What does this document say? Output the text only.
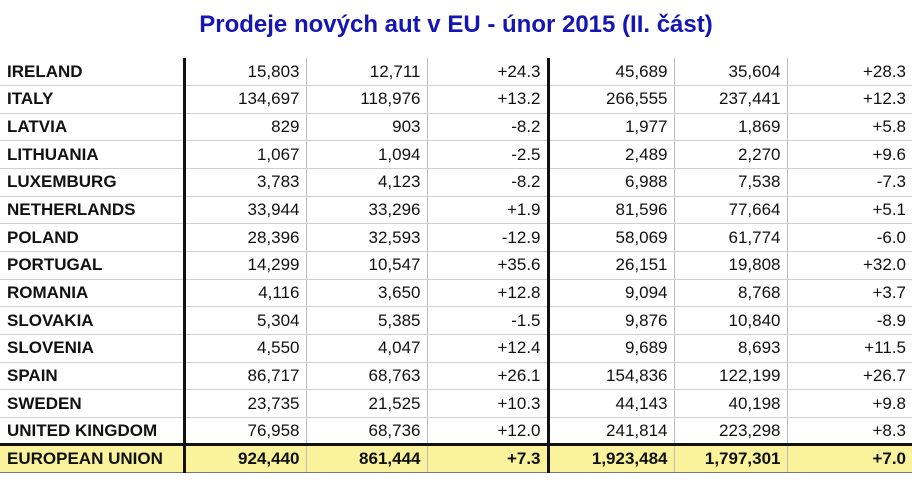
Prodeje nových aut v EU - únor 2015 (II. část)
IRELAND	15,803	12,711	+24.3	45,689	35,604	+28.3
ITALY	134,697	118,976	+13.2	266,555	237,441	+12.3
LATVIA	829	903	-8.2	1,977	1,869	+5.8
LITHUANIA	1,067	1,094	-2.5	2,489	2,270	+9.6
LUXEMBURG	3,783	4,123	-8.2	6,988	7,538	-7.3
NETHERLANDS	33,944	33,296	+1.9	81,596	77,664	+5.1
POLAND	28,396	32,593	-12.9	58,069	61,774	-6.0
PORTUGAL	14,299	10,547	+35.6	26,151	19,808	+32.0
ROMANIA	4,116	3,650	+12.8	9,094	8,768	+3.7
SLOVAKIA	5,304	5,385	-1.5	9,876	10,840	-8.9
SLOVENIA	4,550	4,047	+12.4	9,689	8,693	+11.5
SPAIN	86,717	68,763	+26.1	154,836	122,199	+26.7
SWEDEN	23,735	21,525	+10.3	44,143	40,198	+9.8
UNITED KINGDOM	76,958	68,736	+12.0	241,814	223,298	+8.3
EUROPEAN UNION	924,440	861,444	+7.3	1,923,484	1,797,301	+7.0
